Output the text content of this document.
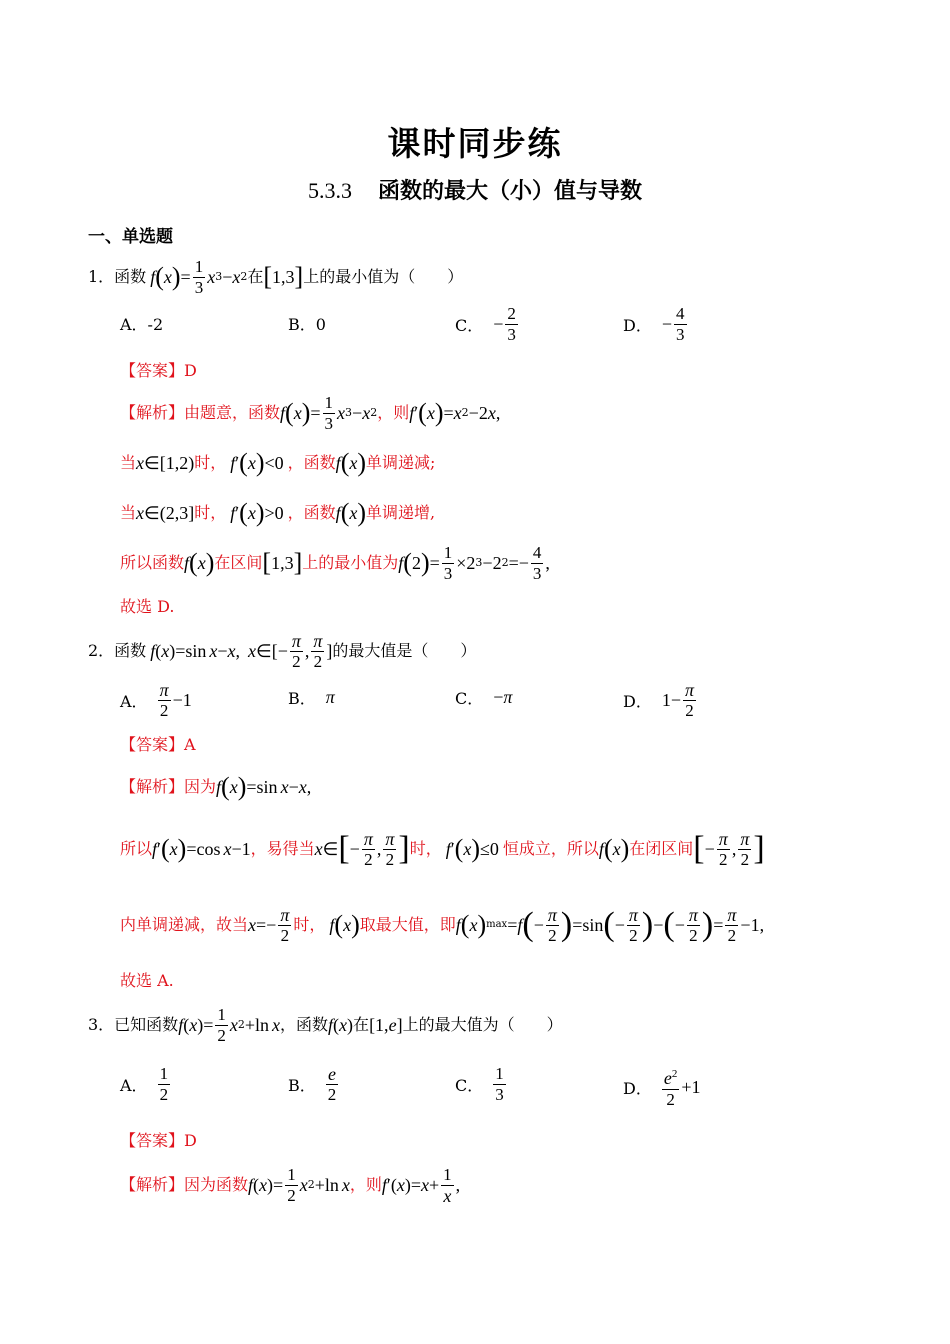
课时同步练
5.3.3 函数的最大（小）值与导数
一、单选题
1．函数 f ( x ) = $\frac{1}{3}$ x 3 − x 2 在 [ 1,3 ] 上的最小值为（　　）
A．-2	B．0	C． − $\frac{2}{3}$	D． − $\frac{4}{3}$
【答案】D
【解析】 由题意，函数 f ( x ) = $\frac{1}{3}$ x 3 − x 2 ，则 f ′ ( x ) = x 2 −2 x ,
当 x ∈[1,2) 时， f ′ ( x ) <0 ，函数 f ( x ) 单调递减;
当 x ∈(2,3] 时， f ′ ( x ) >0 ，函数 f ( x ) 单调递增,
所以函数 f ( x ) 在区间 [ 1,3 ] 上的最小值为 f ( 2 ) = $\frac{1}{3} \times 2$ 3 −2 $2 =- \frac{4}{3}$ ,
故选 D.
2．函数 f ( x )=sin x − x , x ∈[− $\frac{\pi}{2}$ , $\frac{\pi}{2}$ ] 的最大值是（　　）
A． $\frac{\pi}{2} -1$	B． π	C． − π	D． $1- \frac{\pi}{2}$
【答案】A
【解析】 因为 f ( x ) =sin x − x ,
所以 f ′ ( x ) =cos x −1 ，易得当 x ∈ [ − $\frac{\pi}{2}$ , $\frac{\pi}{2}$ ] 时， f ′ ( x ) ≤0 恒成立，所以 f ( x ) 在闭区间 [ − $\frac{\pi}{2}$ , $\frac{\pi}{2}$ ]
内单调递减，故当 $x =- \frac{\pi}{2}$ 时， f ( x ) 取最大值，即 f ( x ) max = f ( − $\frac{\pi}{2}$ ) =sin ( − $\frac{\pi}{2}$ ) − ( − $\frac{\pi}{2}$ ) = $\frac{\pi}{2} -1$,
故选 A.
3．已知函数 f ( x )= $\frac{1}{2}$ x 2 +ln x ，函数 f ( x ) 在 [1, e ] 上的最大值为（　　）
A． $\frac{1}{2}$	B． $\frac{e}{2}$	C． $\frac{1}{3}$	D． $\frac{e^2}{2} +1$
【答案】D
【解析】 因为函数 f ( x )= $\frac{1}{2}$ x 2 +ln x ，则 f ′( x )= $x + \frac{1}{x}$ ,
